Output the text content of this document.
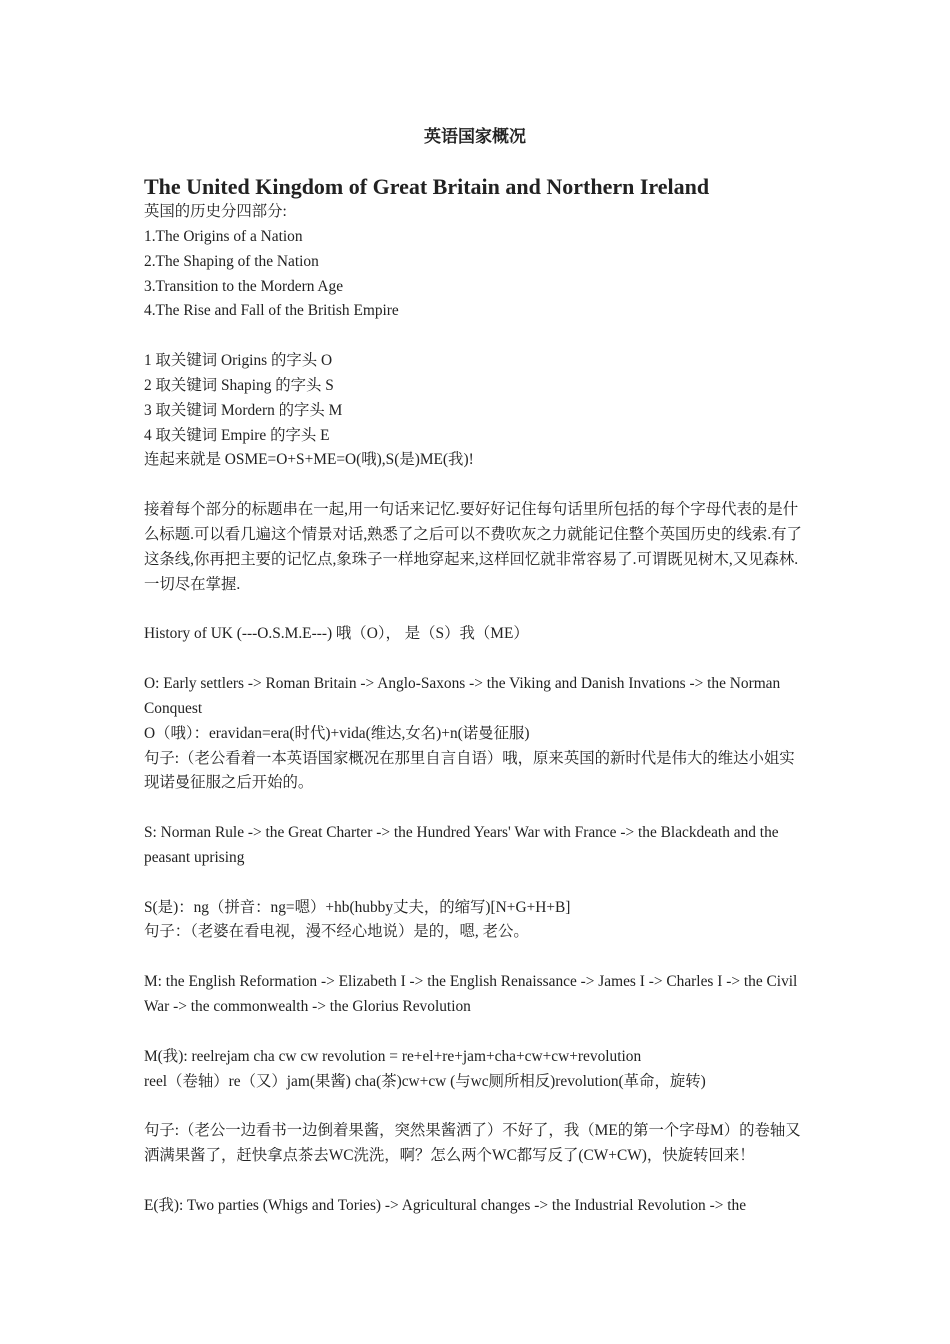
英语国家概况
The United Kingdom of Great Britain and Northern Ireland

英国的历史分四部分:

1.The Origins of a Nation

2.The Shaping of the Nation

3.Transition to the Mordern Age

4.The Rise and Fall of the British Empire

1 取关键词 Origins 的字头 O

2 取关键词 Shaping 的字头 S

3 取关键词 Mordern 的字头 M

4 取关键词 Empire 的字头 E

连起来就是 OSME=O+S+ME=O(哦),S(是)ME(我)!

接着每个部分的标题串在一起,用一句话来记忆.要好好记住每句话里所包括的每个字母代表的是什么标题.可以看几遍这个情景对话,熟悉了之后可以不费吹灰之力就能记住整个英国历史的线索.有了这条线,你再把主要的记忆点,象珠子一样地穿起来,这样回忆就非常容易了.可谓既见树木,又见森林.一切尽在掌握.

History of UK (---O.S.M.E---) 哦（O）， 是（S）我（ME）

O: Early settlers -> Roman Britain -> Anglo-Saxons -> the Viking and Danish Invations -> the Norman Conquest

O（哦）：eravidan=era(时代)+vida(维达,女名)+n(诺曼征服)

句子:（老公看着一本英语国家概况在那里自言自语）哦，原来英国的新时代是伟大的维达小姐实现诺曼征服之后开始的。

S: Norman Rule -> the Great Charter -> the Hundred Years' War with France -> the Blackdeath and the peasant uprising

S(是)：ng（拼音：ng=嗯）+hb(hubby丈夫，的缩写)[N+G+H+B]

句子：（老婆在看电视，漫不经心地说）是的，嗯, 老公。

M: the English Reformation -> Elizabeth I -> the English Renaissance -> James I -> Charles I -> the Civil War -> the commonwealth -> the Glorius Revolution

M(我): reelrejam cha cw cw revolution = re+el+re+jam+cha+cw+cw+revolution

reel（卷轴）re（又）jam(果酱) cha(茶)cw+cw (与wc厕所相反)revolution(革命，旋转)

句子:（老公一边看书一边倒着果酱，突然果酱洒了）不好了，我（ME的第一个字母M）的卷轴又洒满果酱了，赶快拿点茶去WC洗洗，啊？怎么两个WC都写反了(CW+CW)，快旋转回来！

E(我): Two parties (Whigs and Tories) -> Agricultural changes -> the Industrial Revolution -> the
